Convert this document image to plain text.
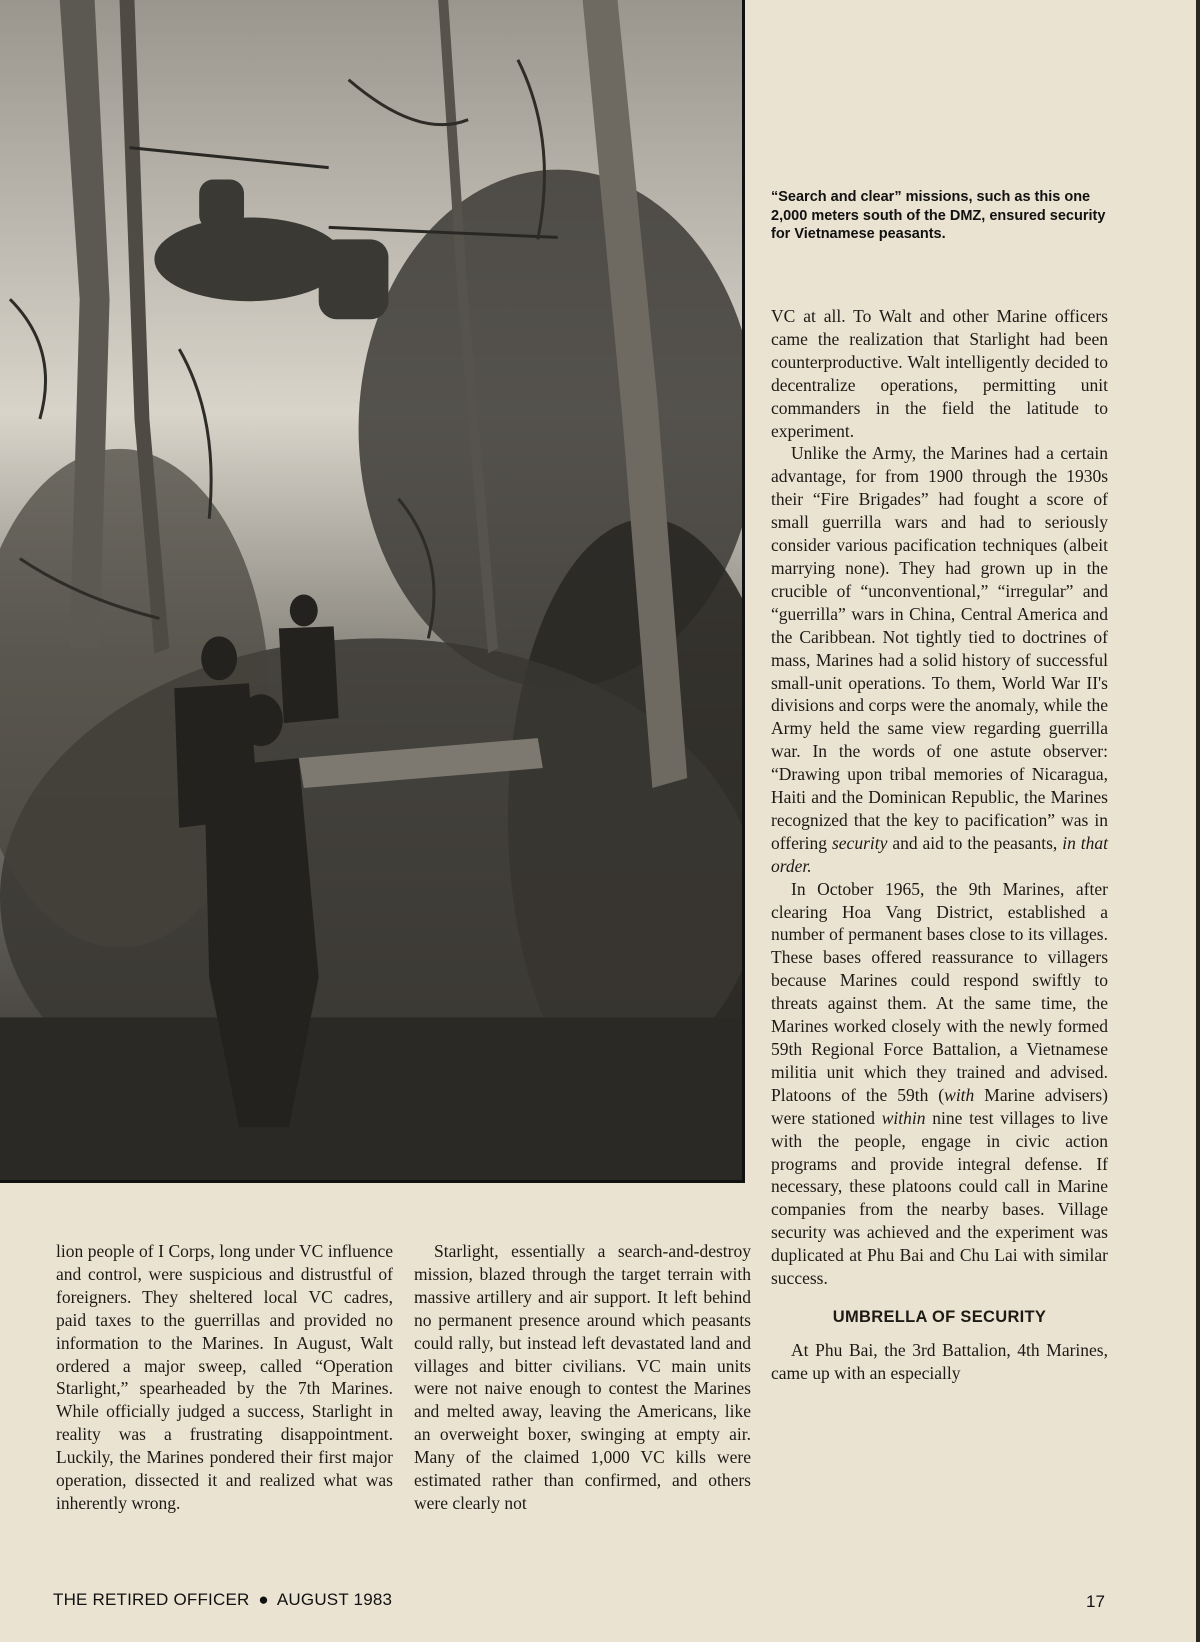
“Search and clear” missions, such as this one 2,000 meters south of the DMZ, ensured security for Vietnamese peasants.

lion people of I Corps, long under VC influence and control, were suspicious and distrustful of foreigners. They sheltered local VC cadres, paid taxes to the guerrillas and provided no information to the Marines. In August, Walt ordered a major sweep, called “Operation Starlight,” spearheaded by the 7th Marines. While officially judged a success, Starlight in reality was a frustrating disappointment. Luckily, the Marines pondered their first major operation, dissected it and realized what was inherently wrong.

Starlight, essentially a search-and-destroy mission, blazed through the target terrain with massive artillery and air support. It left behind no permanent presence around which peasants could rally, but instead left devastated land and villages and bitter civilians. VC main units were not naive enough to contest the Marines and melted away, leaving the Americans, like an overweight boxer, swinging at empty air. Many of the claimed 1,000 VC kills were estimated rather than confirmed, and others were clearly not

VC at all. To Walt and other Marine officers came the realization that Starlight had been counterproductive. Walt intelligently decided to decentralize operations, permitting unit commanders in the field the latitude to experiment.

Unlike the Army, the Marines had a certain advantage, for from 1900 through the 1930s their “Fire Brigades” had fought a score of small guerrilla wars and had to seriously consider various pacification techniques (albeit marrying none). They had grown up in the crucible of “unconventional,” “irregular” and “guerrilla” wars in China, Central America and the Caribbean. Not tightly tied to doctrines of mass, Marines had a solid history of successful small-unit operations. To them, World War II's divisions and corps were the anomaly, while the Army held the same view regarding guerrilla war. In the words of one astute observer: “Drawing upon tribal memories of Nicaragua, Haiti and the Dominican Republic, the Marines recognized that the key to pacification” was in offering security and aid to the peasants, in that order.

In October 1965, the 9th Marines, after clearing Hoa Vang District, established a number of permanent bases close to its villages. These bases offered reassurance to villagers because Marines could respond swiftly to threats against them. At the same time, the Marines worked closely with the newly formed 59th Regional Force Battalion, a Vietnamese militia unit which they trained and advised. Platoons of the 59th (with Marine advisers) were stationed within nine test villages to live with the people, engage in civic action programs and provide integral defense. If necessary, these platoons could call in Marine companies from the nearby bases. Village security was achieved and the experiment was duplicated at Phu Bai and Chu Lai with similar success.

UMBRELLA OF SECURITY

At Phu Bai, the 3rd Battalion, 4th Marines, came up with an especially

THE RETIRED OFFICER ● AUGUST 1983	17
